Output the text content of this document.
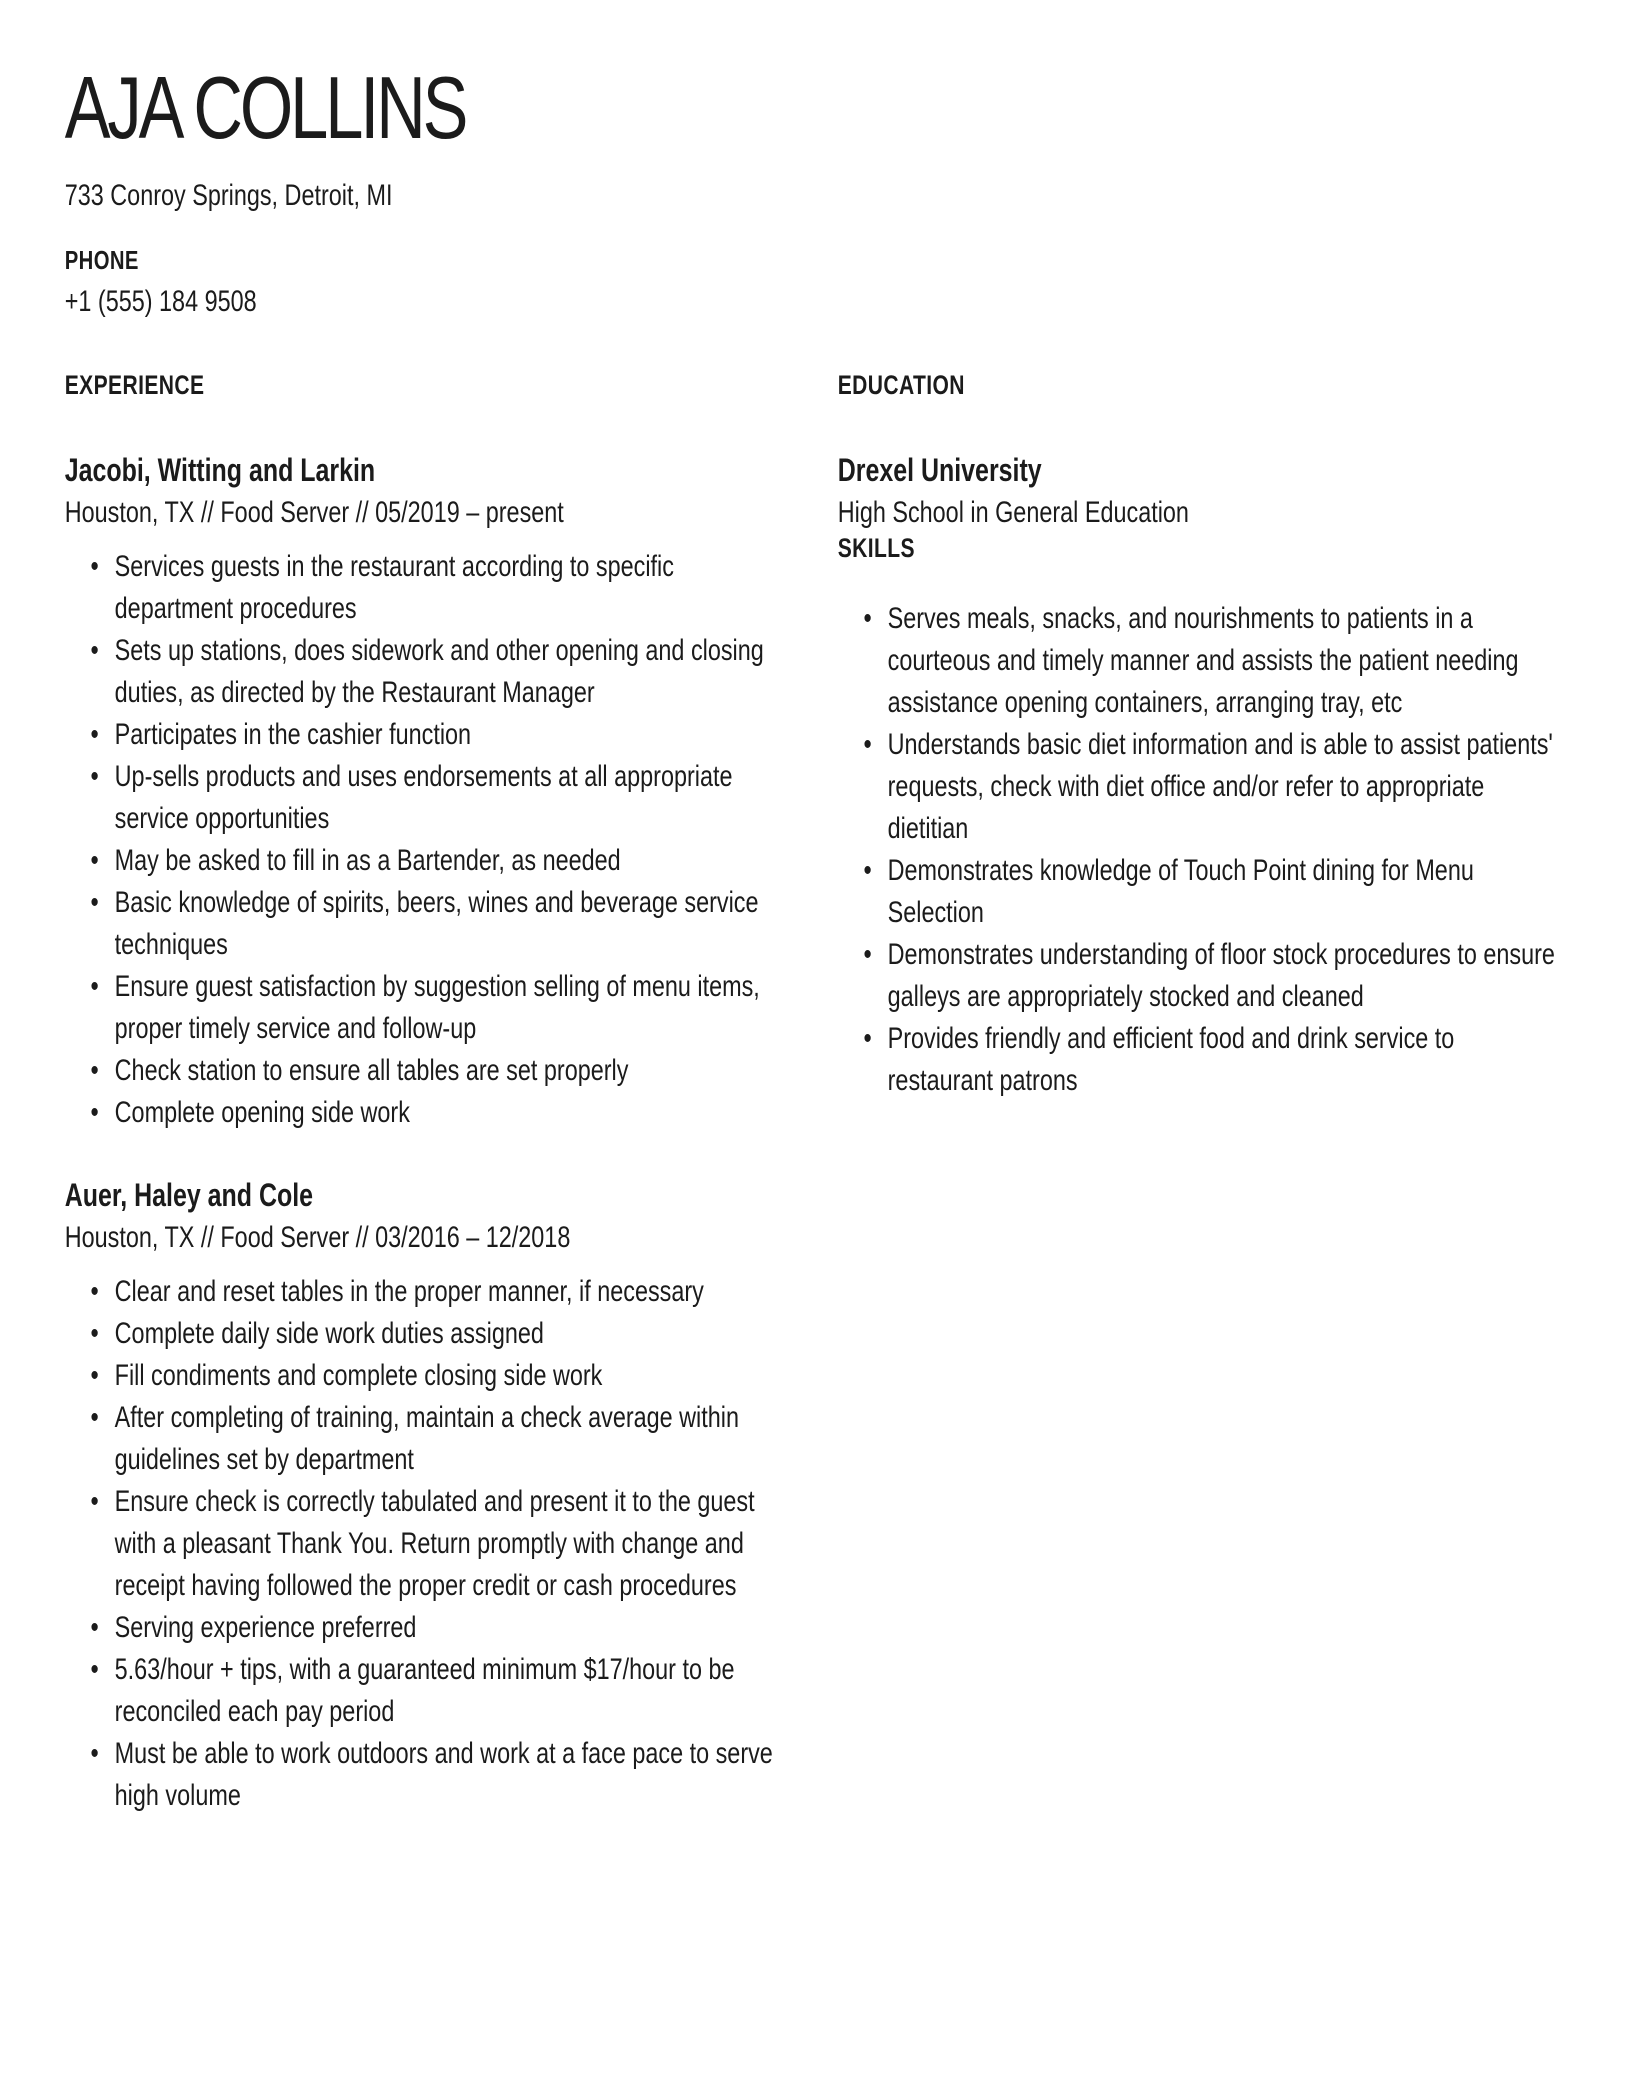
AJA COLLINS
733 Conroy Springs, Detroit, MI
PHONE
+1 (555) 184 9508
EXPERIENCE
Jacobi, Witting and Larkin
Houston, TX // Food Server // 05/2019 – present
• Services guests in the restaurant according to specific department procedures
• Sets up stations, does sidework and other opening and closing duties, as directed by the Restaurant Manager
• Participates in the cashier function
• Up-sells products and uses endorsements at all appropriate service opportunities
• May be asked to fill in as a Bartender, as needed
• Basic knowledge of spirits, beers, wines and beverage service techniques
• Ensure guest satisfaction by suggestion selling of menu items, proper timely service and follow-up
• Check station to ensure all tables are set properly
• Complete opening side work
Auer, Haley and Cole
Houston, TX // Food Server // 03/2016 – 12/2018
• Clear and reset tables in the proper manner, if necessary
• Complete daily side work duties assigned
• Fill condiments and complete closing side work
• After completing of training, maintain a check average within guidelines set by department
• Ensure check is correctly tabulated and present it to the guest with a pleasant Thank You. Return promptly with change and receipt having followed the proper credit or cash procedures
• Serving experience preferred
• 5.63/hour + tips, with a guaranteed minimum $17/hour to be reconciled each pay period
• Must be able to work outdoors and work at a face pace to serve high volume
EDUCATION
Drexel University
High School in General Education
SKILLS
• Serves meals, snacks, and nourishments to patients in a courteous and timely manner and assists the patient needing assistance opening containers, arranging tray, etc
• Understands basic diet information and is able to assist patients' requests, check with diet office and/or refer to appropriate dietitian
• Demonstrates knowledge of Touch Point dining for Menu Selection
• Demonstrates understanding of floor stock procedures to ensure galleys are appropriately stocked and cleaned
• Provides friendly and efficient food and drink service to restaurant patrons
